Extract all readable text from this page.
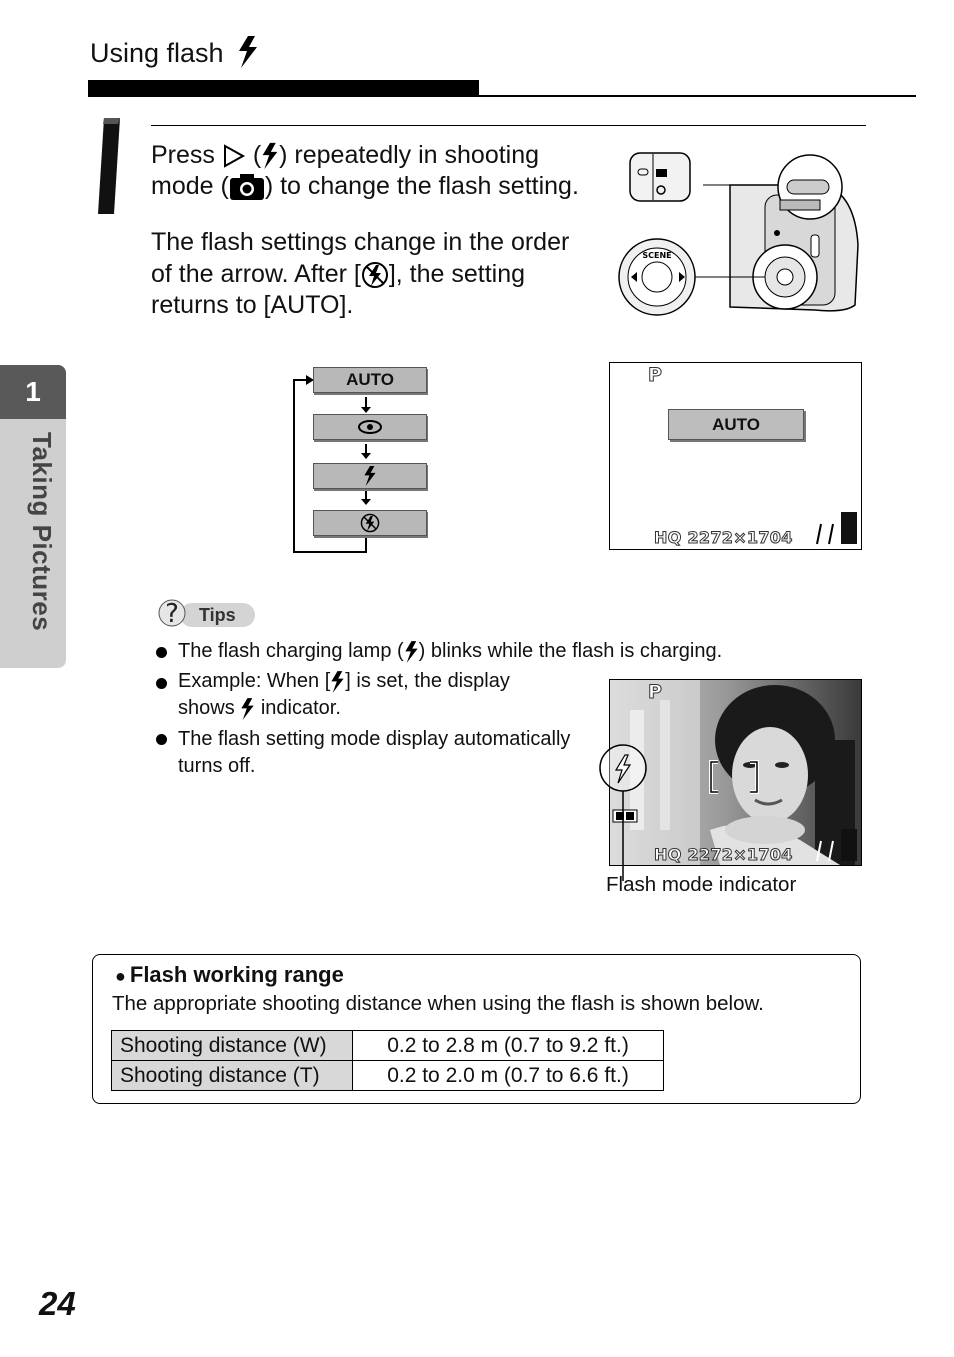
Using flash
Press ( ) repeatedly in shooting
mode ( ) to change the flash setting.
The flash settings change in the order
of the arrow. After [ ], the setting
returns to [AUTO].
SCENE
1
Taking Pictures
AUTO	P
AUTO
HQ 2272×1704
Tips
?
The flash charging lamp ( ) blinks while the flash is charging.
Example: When [ ] is set, the display
shows indicator.
The flash setting mode display automatically
turns off.
P
HQ 2272×1704
Flash mode indicator
● Flash working range
The appropriate shooting distance when using the flash is shown below.
Shooting distance (W)	0.2 to 2.8 m (0.7 to 9.2 ft.)
Shooting distance (T)	0.2 to 2.0 m (0.7 to 6.6 ft.)
24
